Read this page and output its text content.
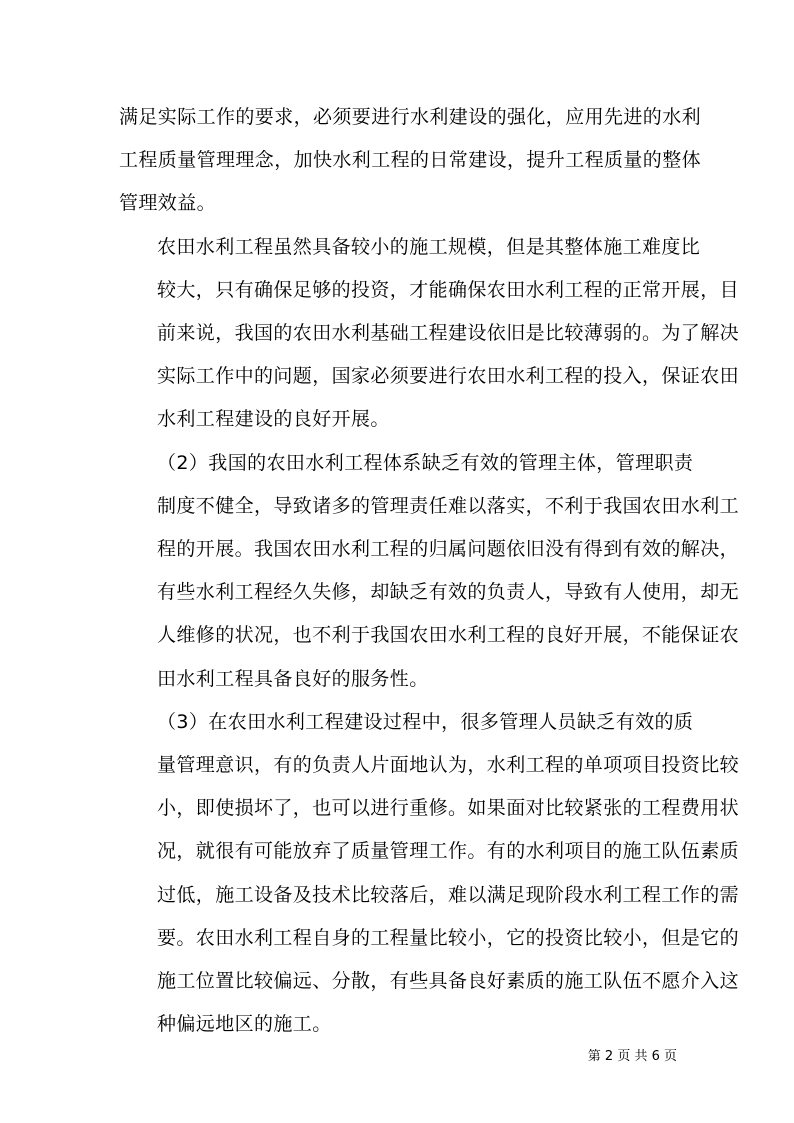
满足实际工作的要求，必须要进行水利建设的强化，应用先进的水利
工程质量管理理念，加快水利工程的日常建设，提升工程质量的整体
管理效益。

农田水利工程虽然具备较小的施工规模，但是其整体施工难度比
较大，只有确保足够的投资，才能确保农田水利工程的正常开展，目
前来说，我国的农田水利基础工程建设依旧是比较薄弱的。为了解决
实际工作中的问题，国家必须要进行农田水利工程的投入，保证农田
水利工程建设的良好开展。

（2）我国的农田水利工程体系缺乏有效的管理主体，管理职责
制度不健全，导致诸多的管理责任难以落实，不利于我国农田水利工
程的开展。我国农田水利工程的归属问题依旧没有得到有效的解决，
有些水利工程经久失修，却缺乏有效的负责人，导致有人使用，却无
人维修的状况，也不利于我国农田水利工程的良好开展，不能保证农
田水利工程具备良好的服务性。

（3）在农田水利工程建设过程中，很多管理人员缺乏有效的质
量管理意识，有的负责人片面地认为，水利工程的单项项目投资比较
小，即使损坏了，也可以进行重修。如果面对比较紧张的工程费用状
况，就很有可能放弃了质量管理工作。有的水利项目的施工队伍素质
过低，施工设备及技术比较落后，难以满足现阶段水利工程工作的需
要。农田水利工程自身的工程量比较小，它的投资比较小，但是它的
施工位置比较偏远、分散，有些具备良好素质的施工队伍不愿介入这
种偏远地区的施工。

第 2 页 共 6 页
